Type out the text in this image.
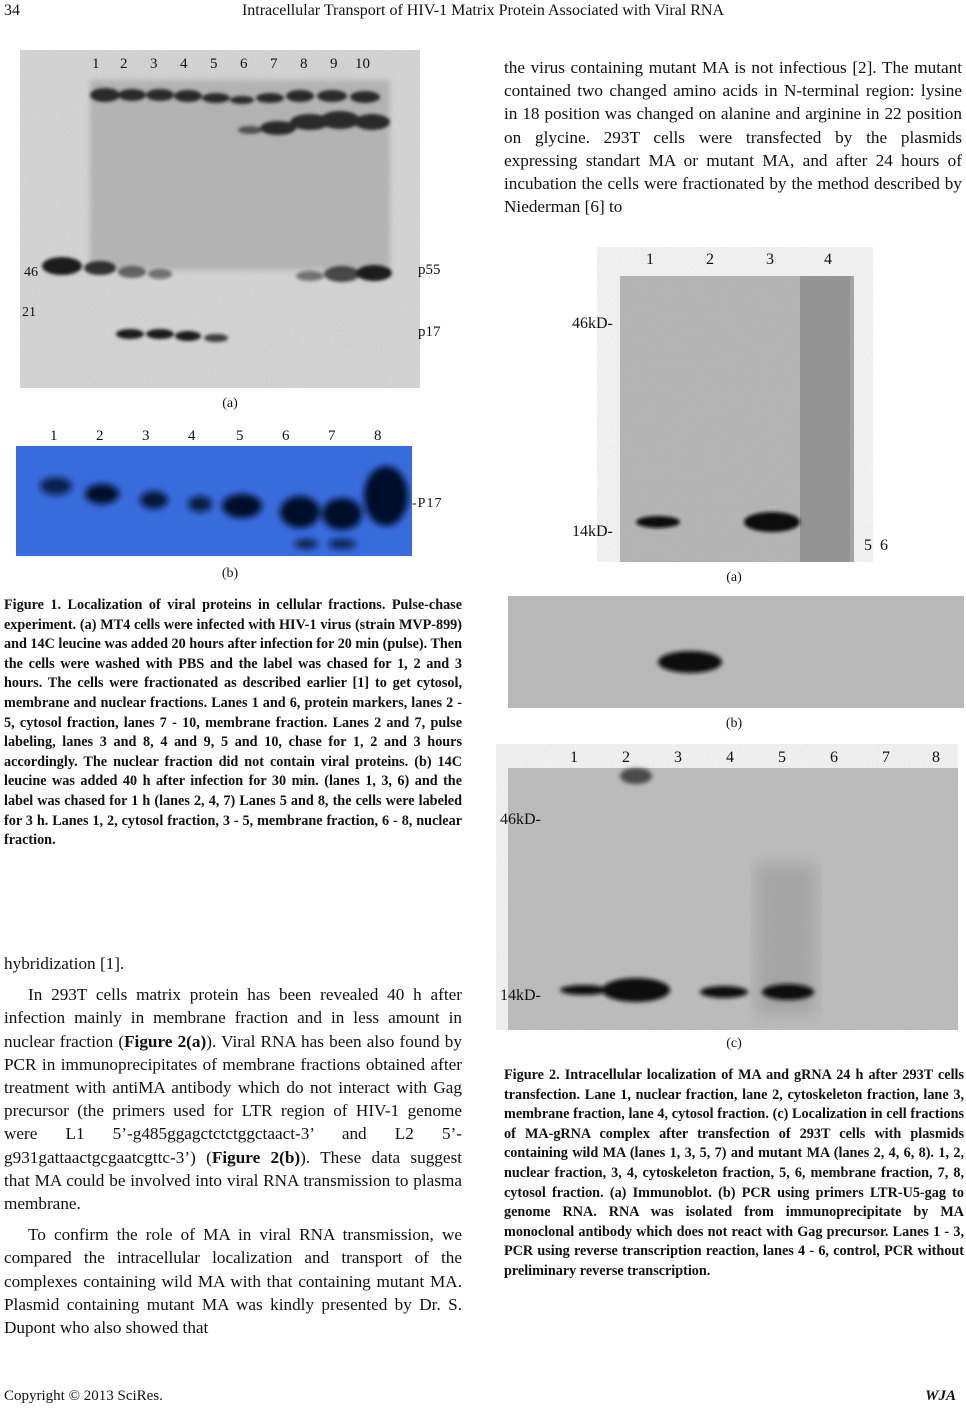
34	Intracellular Transport of HIV-1 Matrix Protein Associated with Viral RNA
1 2 3 4 5 6 7 8 9 10
46
21
p55
p17
(a)
1	2	3	4	5	6	7	8
-P17
(b)
Figure 1. Localization of viral proteins in cellular fractions. Pulse-chase experiment. (a) MT4 cells were infected with HIV-1 virus (strain MVP-899) and 14C leucine was added 20 hours after infection for 20 min (pulse). Then the cells were washed with PBS and the label was chased for 1, 2 and 3 hours. The cells were fractionated as described earlier [1] to get cytosol, membrane and nuclear fractions. Lanes 1 and 6, protein markers, lanes 2 - 5, cytosol fraction, lanes 7 - 10, membrane fraction. Lanes 2 and 7, pulse labeling, lanes 3 and 8, 4 and 9, 5 and 10, chase for 1, 2 and 3 hours accordingly. The nuclear fraction did not contain viral proteins. (b) 14C leucine was added 40 h after infection for 30 min. (lanes 1, 3, 6) and the label was chased for 1 h (lanes 2, 4, 7) Lanes 5 and 8, the cells were labeled for 3 h. Lanes 1, 2, cytosol fraction, 3 - 5, membrane fraction, 6 - 8, nuclear fraction.

hybridization [1].

In 293T cells matrix protein has been revealed 40 h after infection mainly in membrane fraction and in less amount in nuclear fraction (Figure 2(a)). Viral RNA has been also found by PCR in immunoprecipitates of membrane fractions obtained after treatment with antiMA antibody which do not interact with Gag precursor (the primers used for LTR region of HIV-1 genome were L1 5’-g485ggagctctctggctaact-3’ and L2 5’-g931gattaactgcgaatcgttc-3’) (Figure 2(b)). These data suggest that MA could be involved into viral RNA transmission to plasma membrane.

To confirm the role of MA in viral RNA transmission, we compared the intracellular localization and transport of the complexes containing wild MA with that containing mutant MA. Plasmid containing mutant MA was kindly presented by Dr. S. Dupont who also showed that

the virus containing mutant MA is not infectious [2]. The mutant contained two changed amino acids in N-terminal region: lysine in 18 position was changed on alanine and arginine in 22 position on glycine. 293T cells were transfected by the plasmids expressing standart MA or mutant MA, and after 24 hours of incubation the cells were fractionated by the method described by Niederman [6] to

1	2	3	4
46kD-
14kD-
5  6
(a)
(b)
1	2	3	4	5	6	7	8
46kD-
14kD-
(c)
Figure 2. Intracellular localization of MA and gRNA 24 h after 293T cells transfection. Lane 1, nuclear fraction, lane 2, cytoskeleton fraction, lane 3, membrane fraction, lane 4, cytosol fraction. (c) Localization in cell fractions of MA-gRNA complex after transfection of 293T cells with plasmids containing wild MA (lanes 1, 3, 5, 7) and mutant MA (lanes 2, 4, 6, 8). 1, 2, nuclear fraction, 3, 4, cytoskeleton fraction, 5, 6, membrane fraction, 7, 8, cytosol fraction. (a) Immunoblot. (b) PCR using primers LTR-U5-gag to genome RNA. RNA was isolated from immunoprecipitate by MA monoclonal antibody which does not react with Gag precursor. Lanes 1 - 3, PCR using reverse transcription reaction, lanes 4 - 6, control, PCR without preliminary reverse transcription.
Copyright © 2013 SciRes.	WJA
